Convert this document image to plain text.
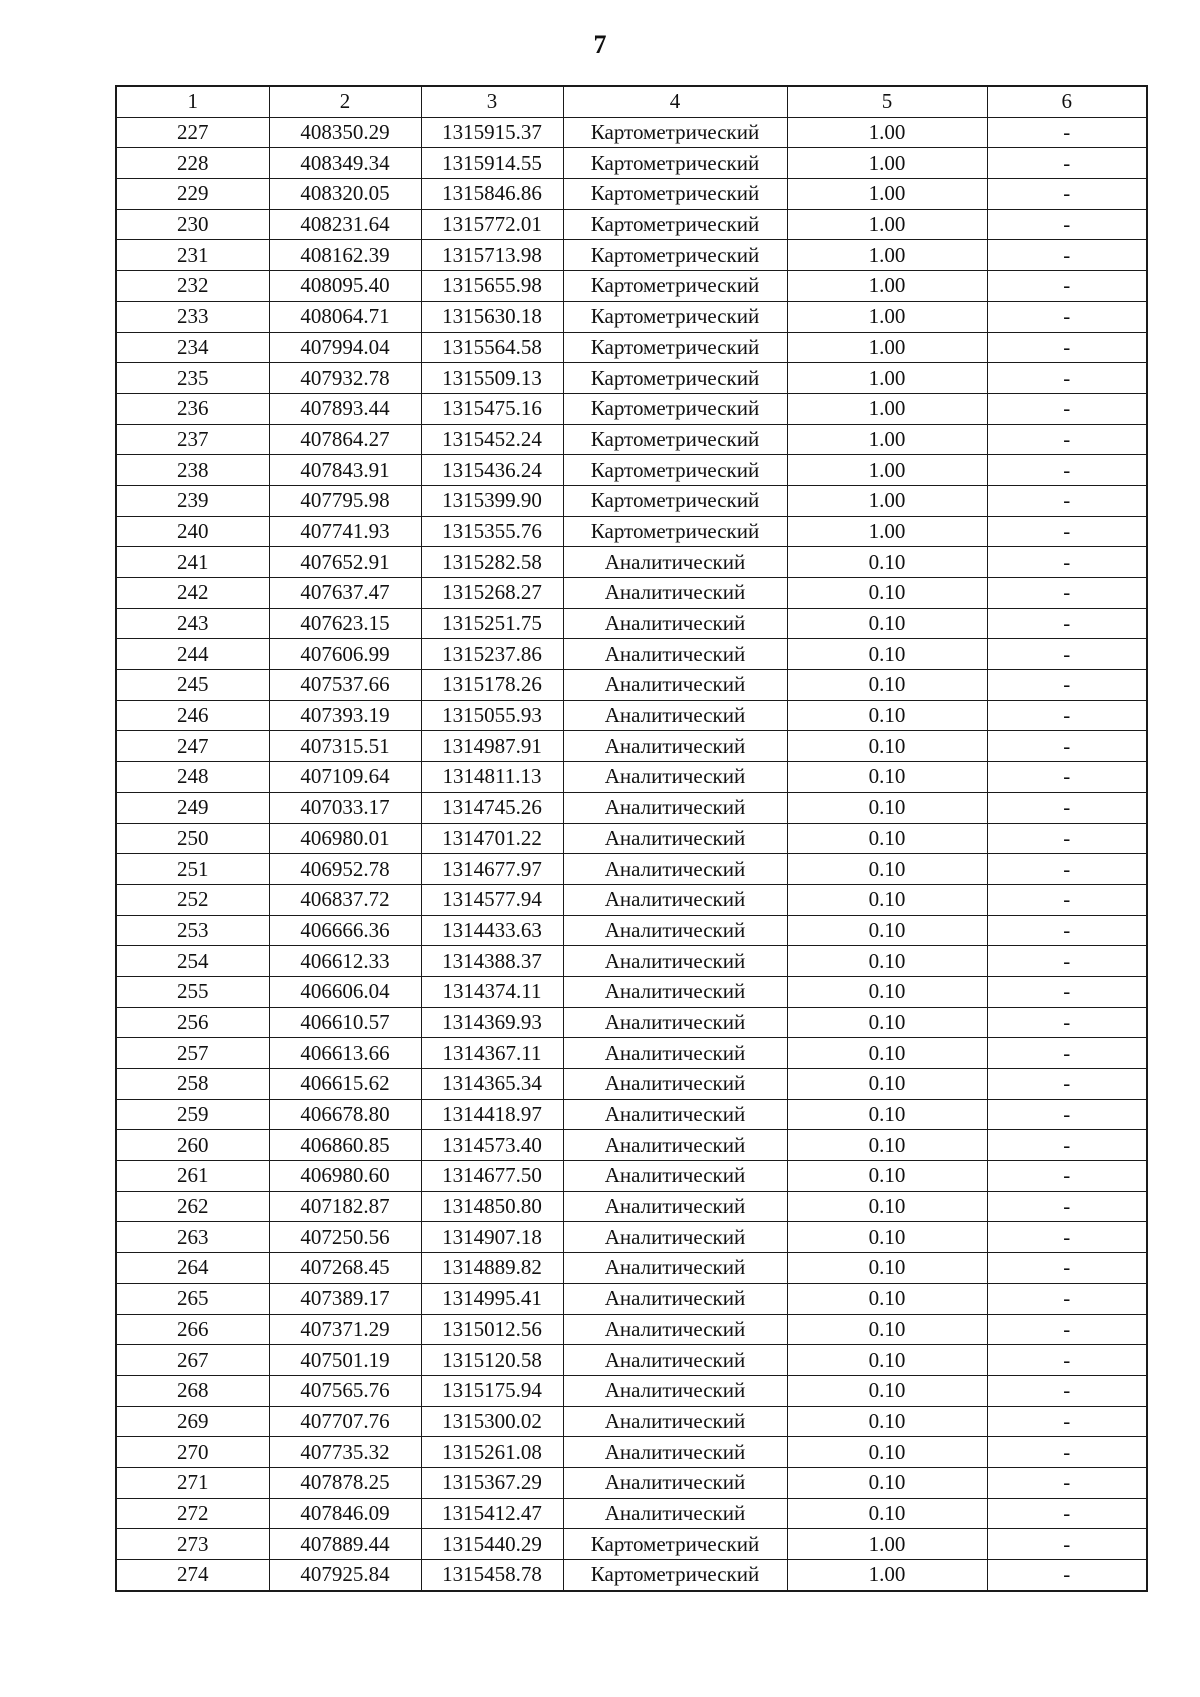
7
1	2	3	4	5	6
227	408350.29	1315915.37	Картометрический	1.00	-
228	408349.34	1315914.55	Картометрический	1.00	-
229	408320.05	1315846.86	Картометрический	1.00	-
230	408231.64	1315772.01	Картометрический	1.00	-
231	408162.39	1315713.98	Картометрический	1.00	-
232	408095.40	1315655.98	Картометрический	1.00	-
233	408064.71	1315630.18	Картометрический	1.00	-
234	407994.04	1315564.58	Картометрический	1.00	-
235	407932.78	1315509.13	Картометрический	1.00	-
236	407893.44	1315475.16	Картометрический	1.00	-
237	407864.27	1315452.24	Картометрический	1.00	-
238	407843.91	1315436.24	Картометрический	1.00	-
239	407795.98	1315399.90	Картометрический	1.00	-
240	407741.93	1315355.76	Картометрический	1.00	-
241	407652.91	1315282.58	Аналитический	0.10	-
242	407637.47	1315268.27	Аналитический	0.10	-
243	407623.15	1315251.75	Аналитический	0.10	-
244	407606.99	1315237.86	Аналитический	0.10	-
245	407537.66	1315178.26	Аналитический	0.10	-
246	407393.19	1315055.93	Аналитический	0.10	-
247	407315.51	1314987.91	Аналитический	0.10	-
248	407109.64	1314811.13	Аналитический	0.10	-
249	407033.17	1314745.26	Аналитический	0.10	-
250	406980.01	1314701.22	Аналитический	0.10	-
251	406952.78	1314677.97	Аналитический	0.10	-
252	406837.72	1314577.94	Аналитический	0.10	-
253	406666.36	1314433.63	Аналитический	0.10	-
254	406612.33	1314388.37	Аналитический	0.10	-
255	406606.04	1314374.11	Аналитический	0.10	-
256	406610.57	1314369.93	Аналитический	0.10	-
257	406613.66	1314367.11	Аналитический	0.10	-
258	406615.62	1314365.34	Аналитический	0.10	-
259	406678.80	1314418.97	Аналитический	0.10	-
260	406860.85	1314573.40	Аналитический	0.10	-
261	406980.60	1314677.50	Аналитический	0.10	-
262	407182.87	1314850.80	Аналитический	0.10	-
263	407250.56	1314907.18	Аналитический	0.10	-
264	407268.45	1314889.82	Аналитический	0.10	-
265	407389.17	1314995.41	Аналитический	0.10	-
266	407371.29	1315012.56	Аналитический	0.10	-
267	407501.19	1315120.58	Аналитический	0.10	-
268	407565.76	1315175.94	Аналитический	0.10	-
269	407707.76	1315300.02	Аналитический	0.10	-
270	407735.32	1315261.08	Аналитический	0.10	-
271	407878.25	1315367.29	Аналитический	0.10	-
272	407846.09	1315412.47	Аналитический	0.10	-
273	407889.44	1315440.29	Картометрический	1.00	-
274	407925.84	1315458.78	Картометрический	1.00	-
